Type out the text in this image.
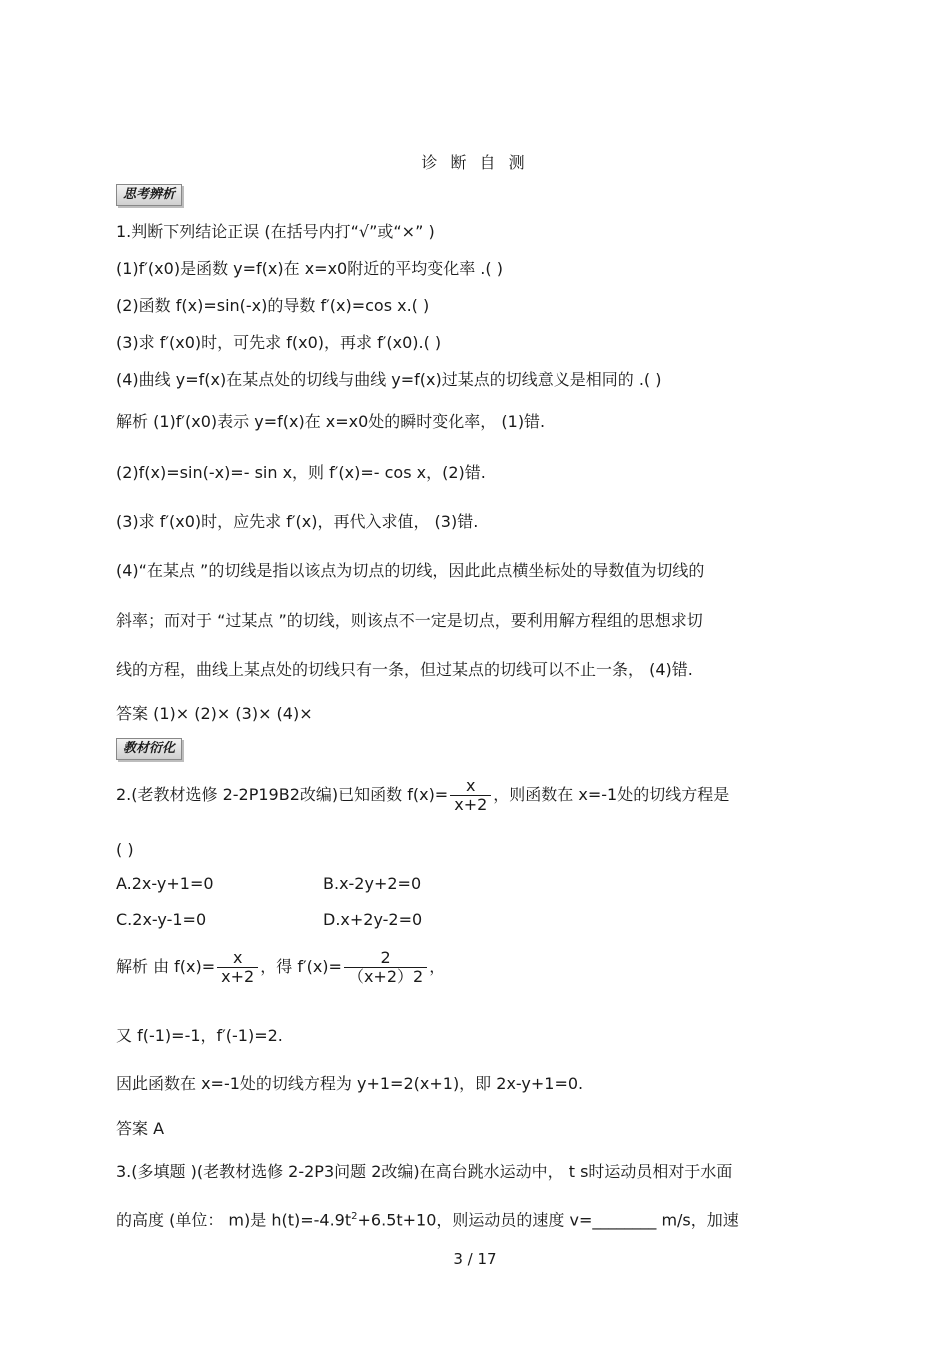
诊 断 自 测
思考辨析
1.判断下列结论正误 (在括号内打“√”或“×” )
(1)f′(x0)是函数 y=f(x)在 x=x0附近的平均变化率 .( )
(2)函数 f(x)=sin(-x)的导数 f′(x)=cos x.( )
(3)求 f′(x0)时，可先求 f(x0)，再求 f′(x0).( )
(4)曲线 y=f(x)在某点处的切线与曲线 y=f(x)过某点的切线意义是相同的 .( )
解析 (1)f′(x0)表示 y=f(x)在 x=x0处的瞬时变化率， (1)错.
(2)f(x)=sin(-x)=- sin x，则 f′(x)=- cos x，(2)错.
(3)求 f′(x0)时，应先求 f′(x)，再代入求值， (3)错.
(4)“在某点 ”的切线是指以该点为切点的切线，因此此点横坐标处的导数值为切线的
斜率；而对于 “过某点 ”的切线，则该点不一定是切点，要利用解方程组的思想求切
线的方程，曲线上某点处的切线只有一条，但过某点的切线可以不止一条， (4)错.
答案 (1)× (2)× (3)× (4)×
教材衍化
2.(老教材选修 2-2P19B2改编)已知函数 $f(x)= \frac{x}{x+2}$ ，则函数在 x=-1处的切线方程是
( )
A.2x-y+1=0	B.x-2y+2=0
C.2x-y-1=0	D.x+2y-2=0
解析 由 $f(x)= \frac{x}{x+2}$ ，得 $f'(x)= \frac{2}{(x+2)2}$ ，
又 f(-1)=-1，f′(-1)=2.
因此函数在 x=-1处的切线方程为 y+1=2(x+1)，即 2x-y+1=0.
答案 A
3.(多填题 )(老教材选修 2-2P3问题 2改编)在高台跳水运动中， t s时运动员相对于水面
的高度 (单位： m)是 $h(t)=-4.9t^2+6.5t+10$，则运动员的速度 v=________ m/s，加速
3 / 17
